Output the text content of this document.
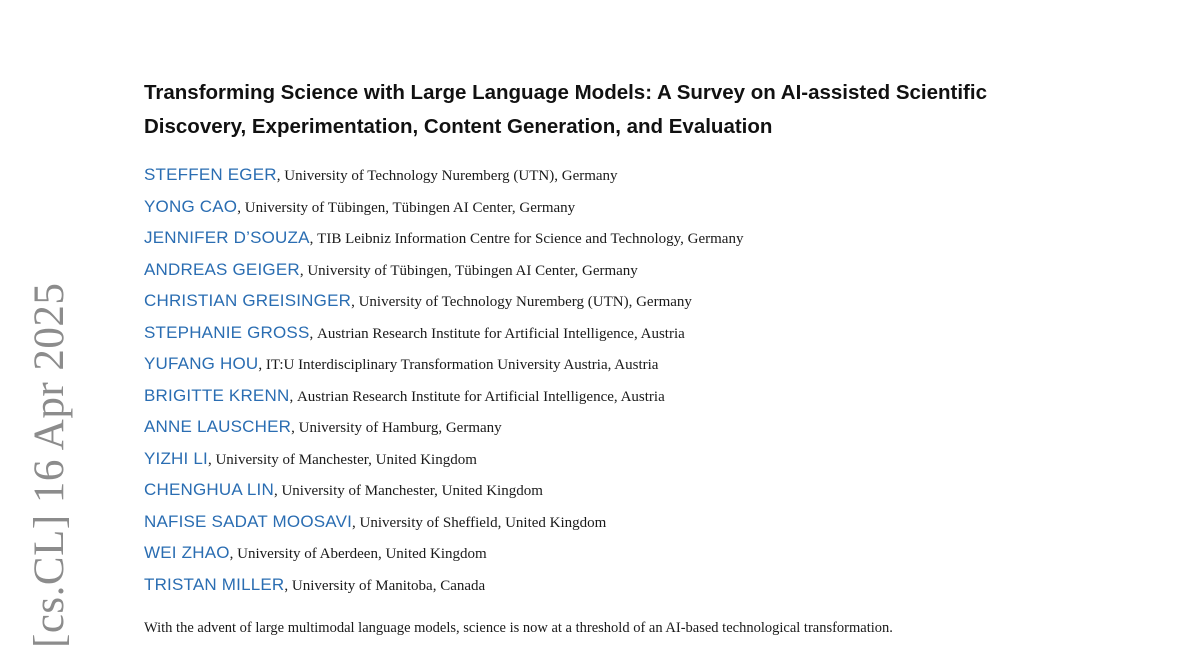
[cs.CL] 16 Apr 2025
Transforming Science with Large Language Models: A Survey on AI-assisted Scientific Discovery, Experimentation, Content Generation, and Evaluation
STEFFEN EGER, University of Technology Nuremberg (UTN), Germany
YONG CAO, University of Tübingen, Tübingen AI Center, Germany
JENNIFER D’SOUZA, TIB Leibniz Information Centre for Science and Technology, Germany
ANDREAS GEIGER, University of Tübingen, Tübingen AI Center, Germany
CHRISTIAN GREISINGER, University of Technology Nuremberg (UTN), Germany
STEPHANIE GROSS, Austrian Research Institute for Artificial Intelligence, Austria
YUFANG HOU, IT:U Interdisciplinary Transformation University Austria, Austria
BRIGITTE KRENN, Austrian Research Institute for Artificial Intelligence, Austria
ANNE LAUSCHER, University of Hamburg, Germany
YIZHI LI, University of Manchester, United Kingdom
CHENGHUA LIN, University of Manchester, United Kingdom
NAFISE SADAT MOOSAVI, University of Sheffield, United Kingdom
WEI ZHAO, University of Aberdeen, United Kingdom
TRISTAN MILLER, University of Manitoba, Canada

With the advent of large multimodal language models, science is now at a threshold of an AI-based technological transformation.
